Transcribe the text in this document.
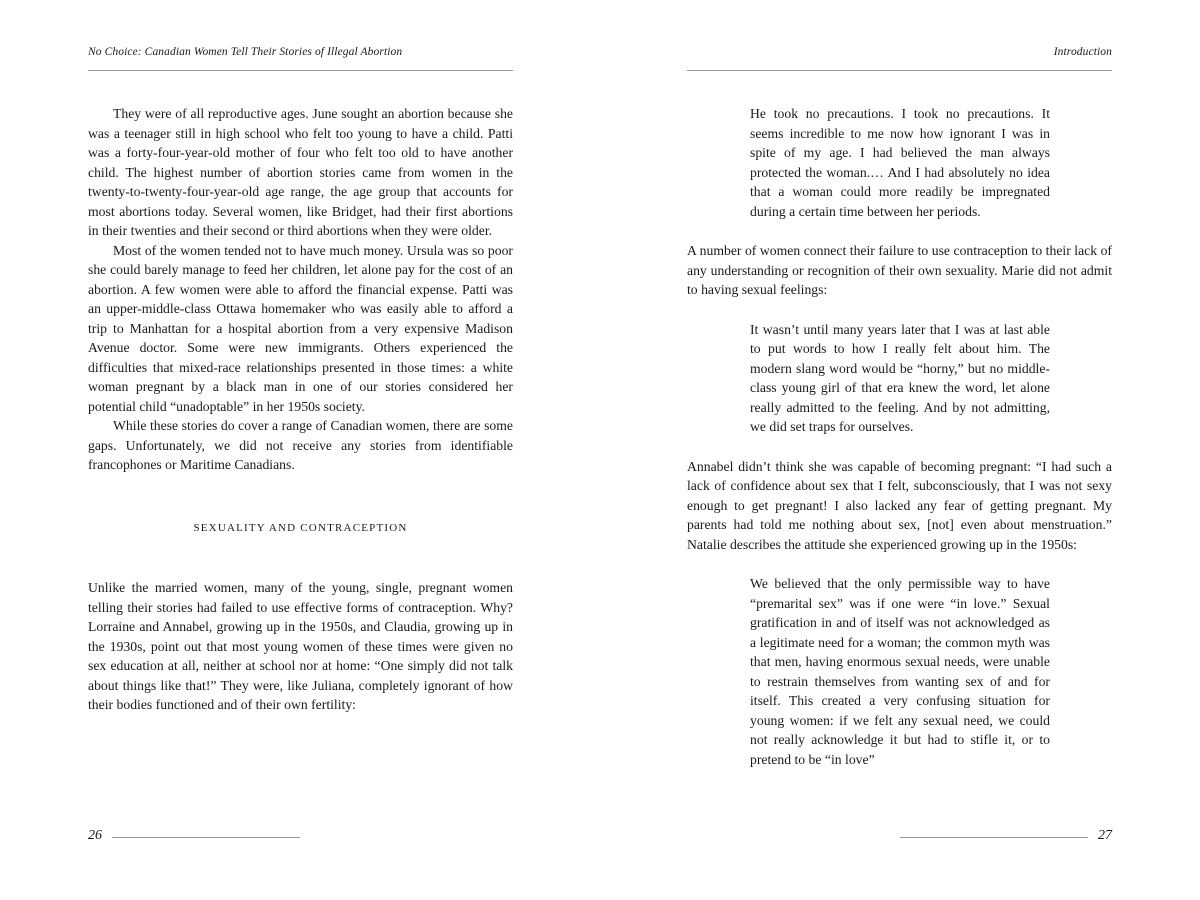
No Choice: Canadian Women Tell Their Stories of Illegal Abortion

They were of all reproductive ages. June sought an abortion because she was a teenager still in high school who felt too young to have a child. Patti was a forty-four-year-old mother of four who felt too old to have another child. The highest number of abortion stories came from women in the twenty-to-twenty-four-year-old age range, the age group that accounts for most abortions today. Several women, like Bridget, had their first abortions in their twenties and their second or third abortions when they were older.

Most of the women tended not to have much money. Ursula was so poor she could barely manage to feed her children, let alone pay for the cost of an abortion. A few women were able to afford the financial expense. Patti was an upper-middle-class Ottawa homemaker who was easily able to afford a trip to Manhattan for a hospital abortion from a very expensive Madison Avenue doctor. Some were new immigrants. Others experienced the difficulties that mixed-race relationships presented in those times: a white woman pregnant by a black man in one of our stories considered her potential child “unadoptable” in her 1950s society.

While these stories do cover a range of Canadian women, there are some gaps. Unfortunately, we did not receive any stories from identifiable francophones or Maritime Canadians.

SEXUALITY AND CONTRACEPTION

Unlike the married women, many of the young, single, pregnant women telling their stories had failed to use effective forms of contraception. Why? Lorraine and Annabel, growing up in the 1950s, and Claudia, growing up in the 1930s, point out that most young women of these times were given no sex education at all, neither at school nor at home: “One simply did not talk about things like that!” They were, like Juliana, completely ignorant of how their bodies functioned and of their own fertility:

26
Introduction

He took no precautions. I took no precautions. It seems incredible to me now how ignorant I was in spite of my age. I had believed the man always protected the woman.… And I had absolutely no idea that a woman could more readily be impregnated during a certain time between her periods.

A number of women connect their failure to use contraception to their lack of any understanding or recognition of their own sexuality. Marie did not admit to having sexual feelings:

It wasn’t until many years later that I was at last able to put words to how I really felt about him. The modern slang word would be “horny,” but no middle-class young girl of that era knew the word, let alone really admitted to the feeling. And by not admitting, we did set traps for ourselves.

Annabel didn’t think she was capable of becoming pregnant: “I had such a lack of confidence about sex that I felt, subconsciously, that I was not sexy enough to get pregnant! I also lacked any fear of getting pregnant. My parents had told me nothing about sex, [not] even about menstruation.” Natalie describes the attitude she experienced growing up in the 1950s:

We believed that the only permissible way to have “premarital sex” was if one were “in love.” Sexual gratification in and of itself was not acknowledged as a legitimate need for a woman; the common myth was that men, having enormous sexual needs, were unable to restrain themselves from wanting sex of and for itself. This created a very confusing situation for young women: if we felt any sexual need, we could not really acknowledge it but had to stifle it, or to pretend to be “in love”

27
